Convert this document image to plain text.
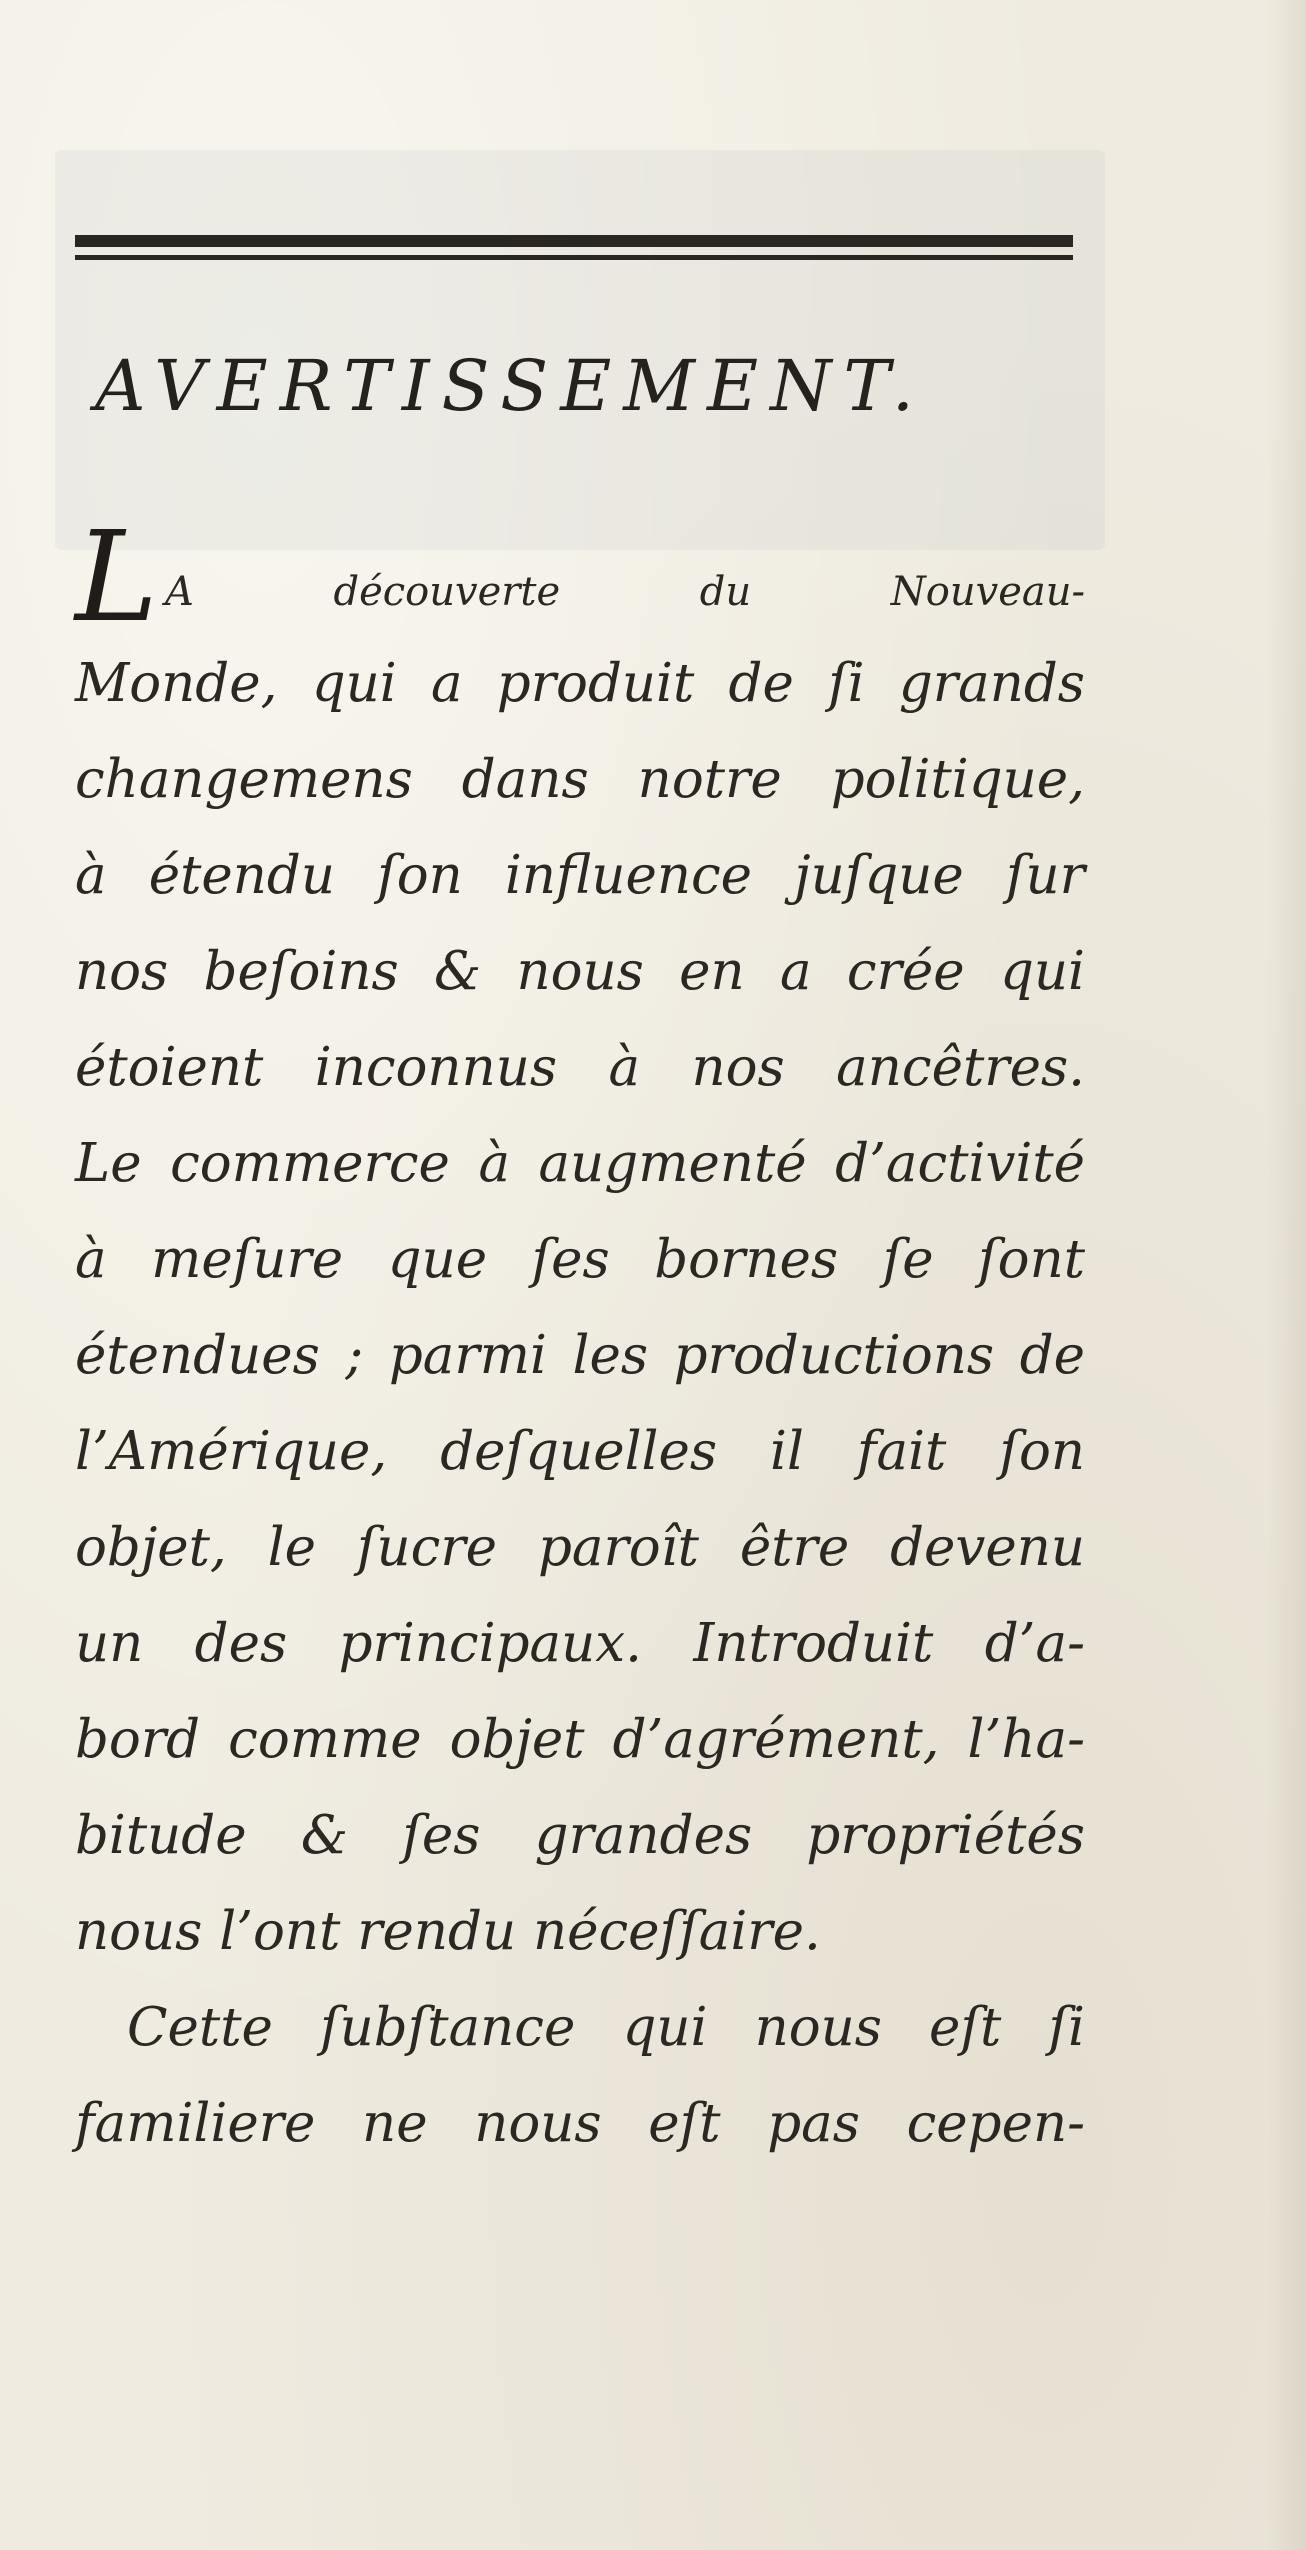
AVERTISSEMENT.
L A découverte du Nouveau-
Monde, qui a produit de ſi grands
changemens dans notre politique,
à étendu ſon influence juſque ſur
nos beſoins & nous en a crée qui
étoient inconnus à nos ancêtres.
Le commerce à augmenté d’activité
à meſure que ſes bornes ſe ſont
étendues ; parmi les productions de
l’Amérique, deſquelles il fait ſon
objet, le ſucre paroît être devenu
un des principaux. Introduit d’a-
bord comme objet d’agrément, l’ha-
bitude & ſes grandes propriétés
nous l’ont rendu néceſſaire.
Cette ſubſtance qui nous eſt ſi
familiere ne nous eſt pas cepen-
